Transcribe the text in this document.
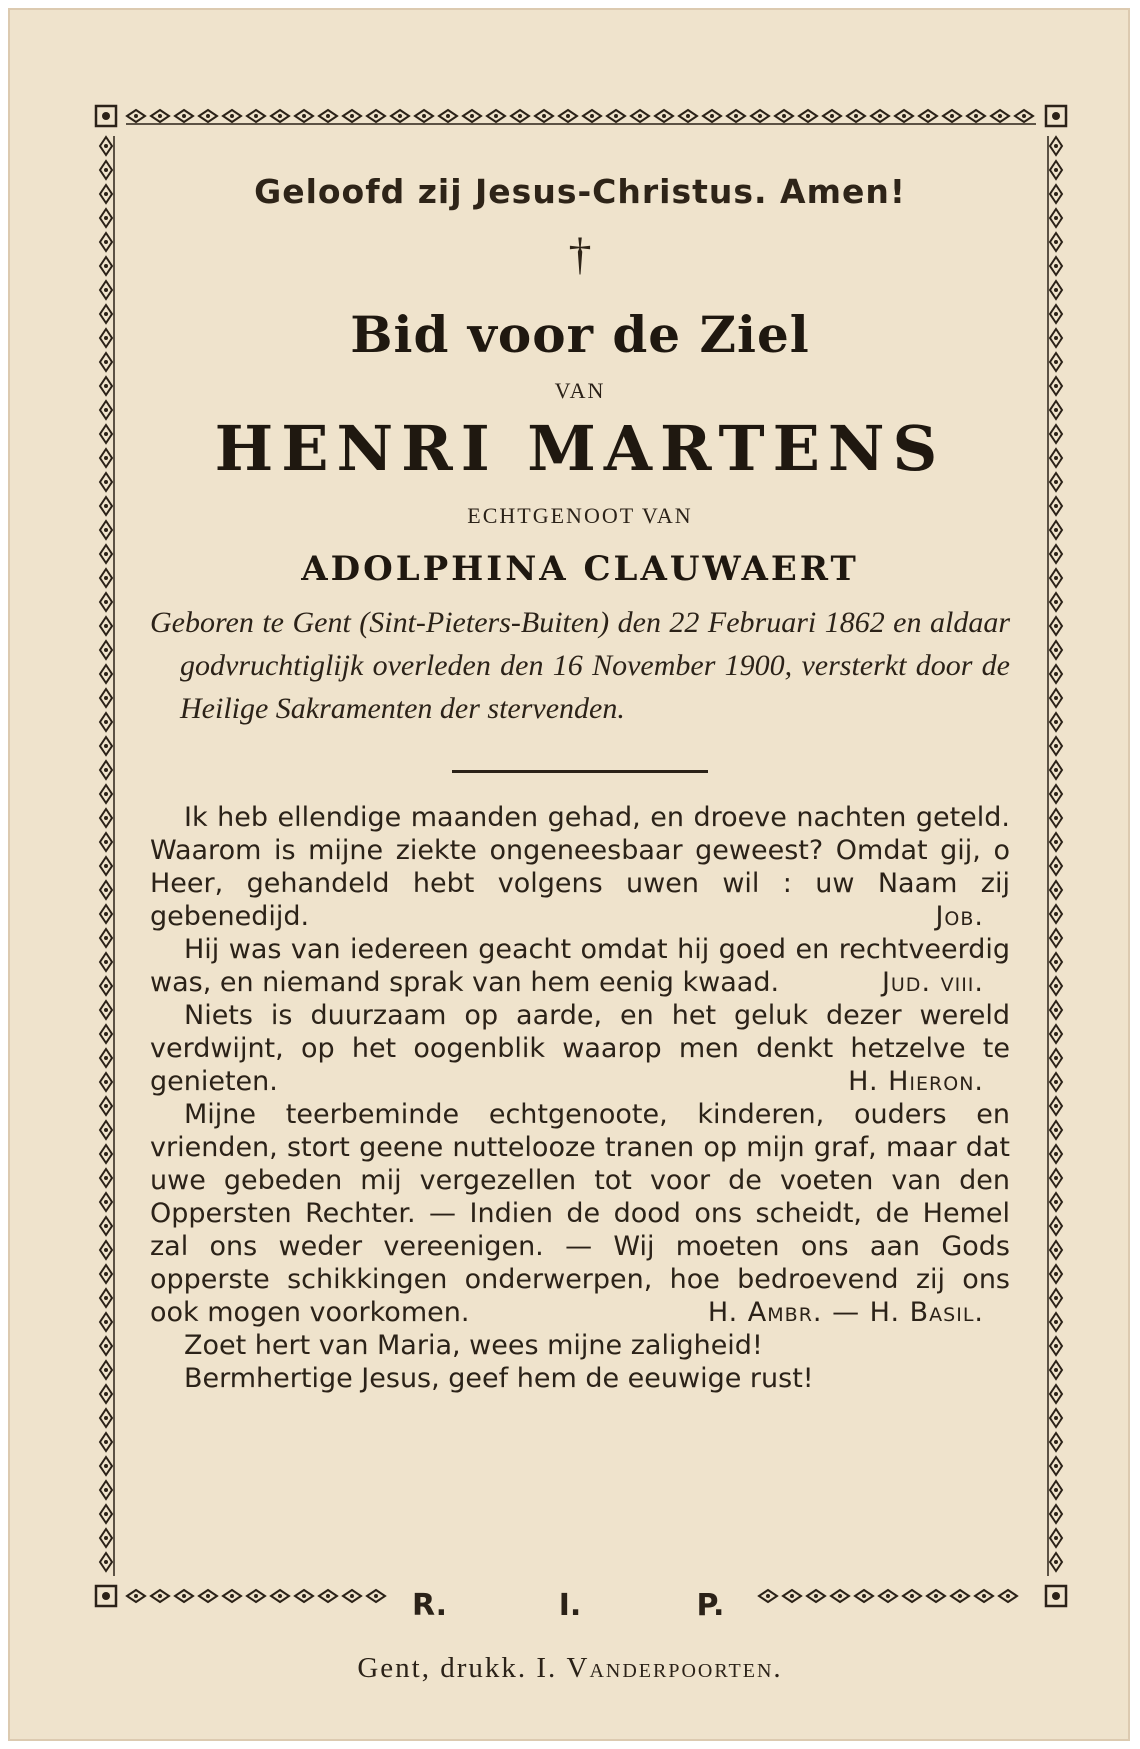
Geloofd zij Jesus-Christus. Amen!
†
Bid voor de Ziel
VAN
HENRI MARTENS
ECHTGENOOT VAN
ADOLPHINA CLAUWAERT
Geboren te Gent (Sint-Pieters-Buiten) den 22 Februari 1862 en aldaar godvruchtiglijk overleden den 16 November 1900, versterkt door de Heilige Sakramenten der stervenden.
Ik heb ellendige maanden gehad, en droeve nachten geteld. Waarom is mijne ziekte ongeneesbaar geweest? Omdat gij, o Heer, gehandeld hebt volgens uwen wil : uw Naam zij gebenedijd.	Job.
Hij was van iedereen geacht omdat hij goed en rechtveerdig was, en niemand sprak van hem eenig kwaad.	Jud. viii.
Niets is duurzaam op aarde, en het geluk dezer wereld verdwijnt, op het oogenblik waarop men denkt hetzelve te genieten.	H. Hieron.
Mijne teerbeminde echtgenoote, kinderen, ouders en vrienden, stort geene nuttelooze tranen op mijn graf, maar dat uwe gebeden mij vergezellen tot voor de voeten van den Oppersten Rechter. — Indien de dood ons scheidt, de Hemel zal ons weder vereenigen. — Wij moeten ons aan Gods opperste schikkingen onderwerpen, hoe bedroevend zij ons ook mogen voorkomen.	H. Ambr. — H. Basil.
Zoet hert van Maria, wees mijne zaligheid!
Bermhertige Jesus, geef hem de eeuwige rust!
R.	I.	P.
Gent, drukk. I. Vanderpoorten.
